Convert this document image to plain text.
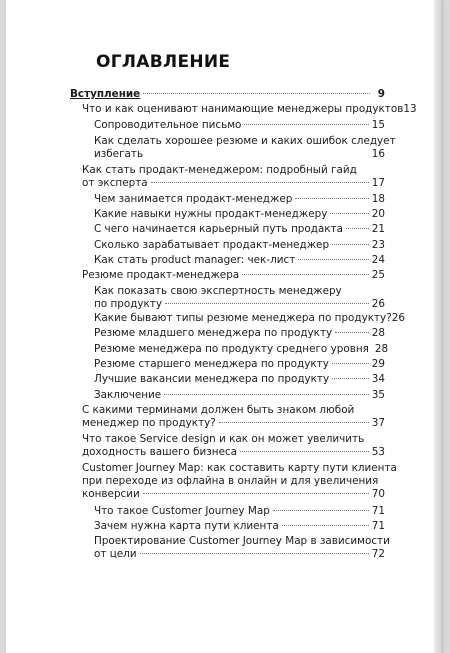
ОГЛАВЛЕНИЕ
Вступление	9
Что и как оценивают нанимающие менеджеры продуктов 13
Сопроводительное письмо	15
Как сделать хорошее резюме и каких ошибок следует
избегать	16
Как стать продакт-менеджером: подробный гайд
от эксперта	17
Чем занимается продакт-менеджер	18
Какие навыки нужны продакт-менеджеру	20
С чего начинается карьерный путь продакта	21
Сколько зарабатывает продакт-менеджер	23
Как стать product manager: чек-лист	24
Резюме продакт-менеджера	25
Как показать свою экспертность менеджеру
по продукту	26
Какие бывают типы резюме менеджера по продукту? 26
Резюме младшего менеджера по продукту	28
Резюме менеджера по продукту среднего уровня 28
Резюме старшего менеджера по продукту	29
Лучшие вакансии менеджера по продукту	34
Заключение	35
С какими терминами должен быть знаком любой
менеджер по продукту?	37
Что такое Service design и как он может увеличить
доходность вашего бизнеса	53
Customer Journey Map: как составить карту пути клиента
при переходе из офлайна в онлайн и для увеличения
конверсии	70
Что такое Customer Journey Map	71
Зачем нужна карта пути клиента	71
Проектирование Customer Journey Map в зависимости
от цели	72
